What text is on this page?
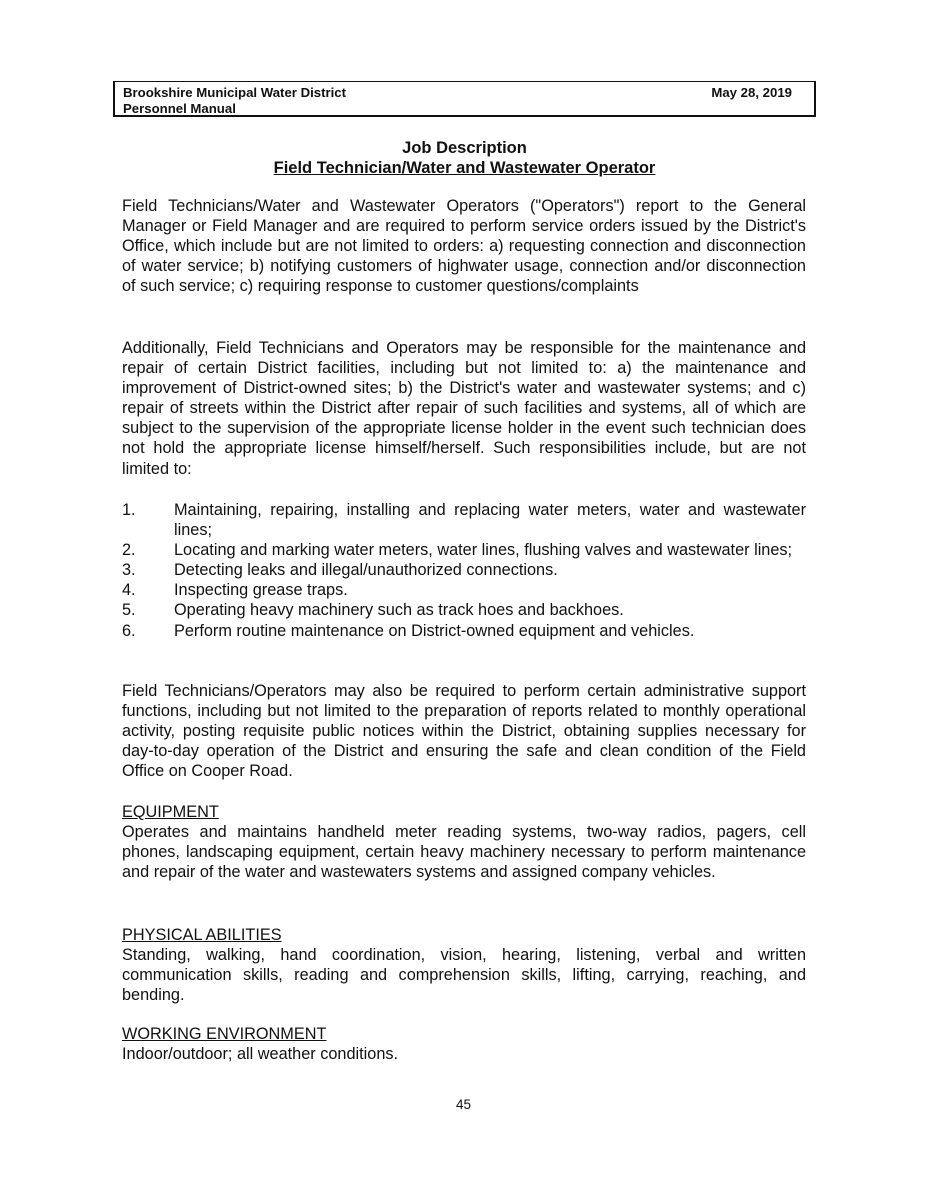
Brookshire Municipal Water District
Personnel Manual
May 28, 2019
Job Description
Field Technician/Water and Wastewater Operator

Field Technicians/Water and Wastewater Operators ("Operators") report to the General Manager or Field Manager and are required to perform service orders issued by the District's Office, which include but are not limited to orders: a) requesting connection and disconnection of water service; b) notifying customers of highwater usage, connection and/or disconnection of such service; c) requiring response to customer questions/complaints

Additionally, Field Technicians and Operators may be responsible for the maintenance and repair of certain District facilities, including but not limited to: a) the maintenance and improvement of District-owned sites; b) the District's water and wastewater systems; and c) repair of streets within the District after repair of such facilities and systems, all of which are subject to the supervision of the appropriate license holder in the event such technician does not hold the appropriate license himself/herself. Such responsibilities include, but are not limited to:

1. Maintaining, repairing, installing and replacing water meters, water and wastewater lines;
2. Locating and marking water meters, water lines, flushing valves and wastewater lines;
3. Detecting leaks and illegal/unauthorized connections.
4. Inspecting grease traps.
5. Operating heavy machinery such as track hoes and backhoes.
6. Perform routine maintenance on District-owned equipment and vehicles.

Field Technicians/Operators may also be required to perform certain administrative support functions, including but not limited to the preparation of reports related to monthly operational activity, posting requisite public notices within the District, obtaining supplies necessary for day-to-day operation of the District and ensuring the safe and clean condition of the Field Office on Cooper Road.

EQUIPMENT
Operates and maintains handheld meter reading systems, two-way radios, pagers, cell phones, landscaping equipment, certain heavy machinery necessary to perform maintenance and repair of the water and wastewaters systems and assigned company vehicles.
PHYSICAL ABILITIES
Standing, walking, hand coordination, vision, hearing, listening, verbal and written communication skills, reading and comprehension skills, lifting, carrying, reaching, and bending.
WORKING ENVIRONMENT
Indoor/outdoor; all weather conditions.
45
